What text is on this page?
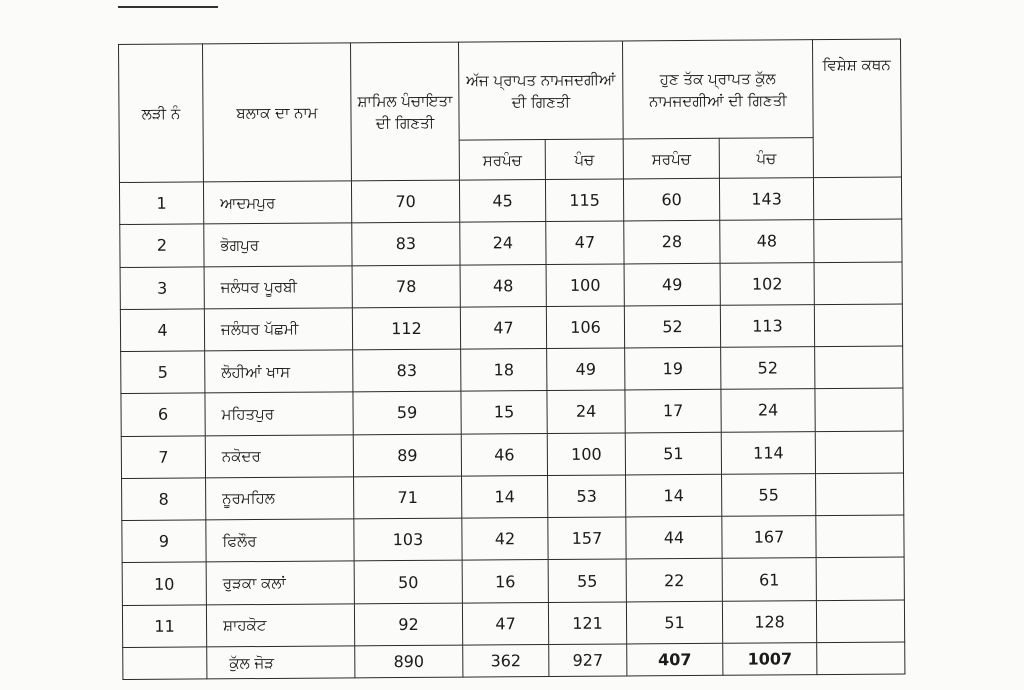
ਲੜੀ ਨੰ	ਬਲਾਕ ਦਾ ਨਾਮ	ਸ਼ਾਮਿਲ ਪੰਚਾਇਤਾ ਦੀ ਗਿਣਤੀ	ਅੱਜ ਪ੍ਰਾਪਤ ਨਾਮਜਦਗੀਆਂ ਦੀ ਗਿਣਤੀ		ਹੁਣ ਤੱਕ ਪ੍ਰਾਪਤ ਕੁੱਲ ਨਾਮਜਦਗੀਆਂ ਦੀ ਗਿਣਤੀ		ਵਿਸ਼ੇਸ਼ ਕਥਨ
			ਸਰਪੰਚ	ਪੰਚ	ਸਰਪੰਚ	ਪੰਚ	
1	ਆਦਮਪੁਰ	70	45	115	60	143	
2	ਭੋਗਪੁਰ	83	24	47	28	48	
3	ਜਲੰਧਰ ਪੂਰਬੀ	78	48	100	49	102	
4	ਜਲੰਧਰ ਪੱਛਮੀ	112	47	106	52	113	
5	ਲੋਹੀਆਂ ਖਾਸ	83	18	49	19	52	
6	ਮਹਿਤਪੁਰ	59	15	24	17	24	
7	ਨਕੋਦਰ	89	46	100	51	114	
8	ਨੂਰਮਹਿਲ	71	14	53	14	55	
9	ਫਿਲੌਰ	103	42	157	44	167	
10	ਰੁੜਕਾ ਕਲਾਂ	50	16	55	22	61	
11	ਸ਼ਾਹਕੋਟ	92	47	121	51	128	
	ਕੁੱਲ ਜੋੜ	890	362	927	407	1007	
